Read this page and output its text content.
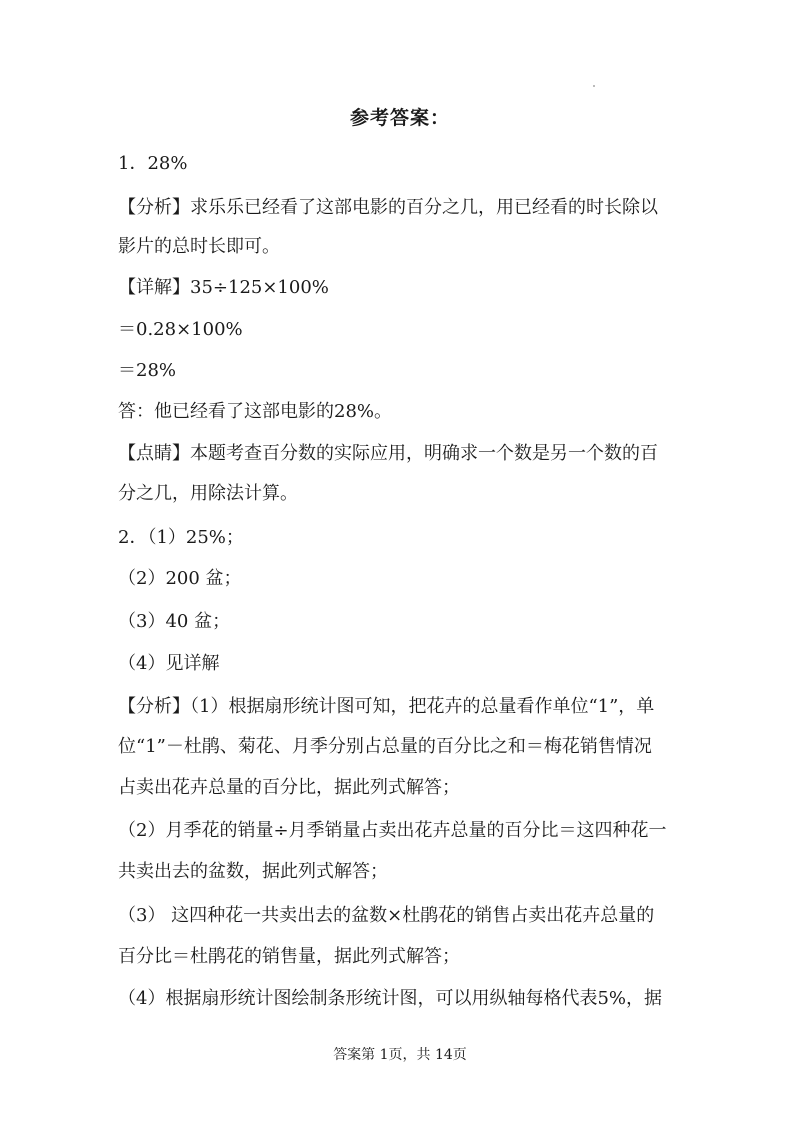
参考答案：
1．28%
【分析】求乐乐已经看了这部电影的百分之几，用已经看的时长除以
影片的总时长即可。
【详解】35÷125×100%
＝0.28×100%
＝28%
答：他已经看了这部电影的28%。
【点睛】本题考查百分数的实际应用，明确求一个数是另一个数的百
分之几，用除法计算。
2．（1）25%；
（2）200 盆；
（3）40 盆；
（4）见详解
【分析】（1）根据扇形统计图可知，把花卉的总量看作单位“1”，单
位“1”－杜鹃、菊花、月季分别占总量的百分比之和＝梅花销售情况
占卖出花卉总量的百分比，据此列式解答；
（2）月季花的销量÷月季销量占卖出花卉总量的百分比＝这四种花一
共卖出去的盆数，据此列式解答；
（3） 这四种花一共卖出去的盆数×杜鹃花的销售占卖出花卉总量的
百分比＝杜鹃花的销售量，据此列式解答；
（4）根据扇形统计图绘制条形统计图，可以用纵轴每格代表5%，据
答案第 1页，共 14页
